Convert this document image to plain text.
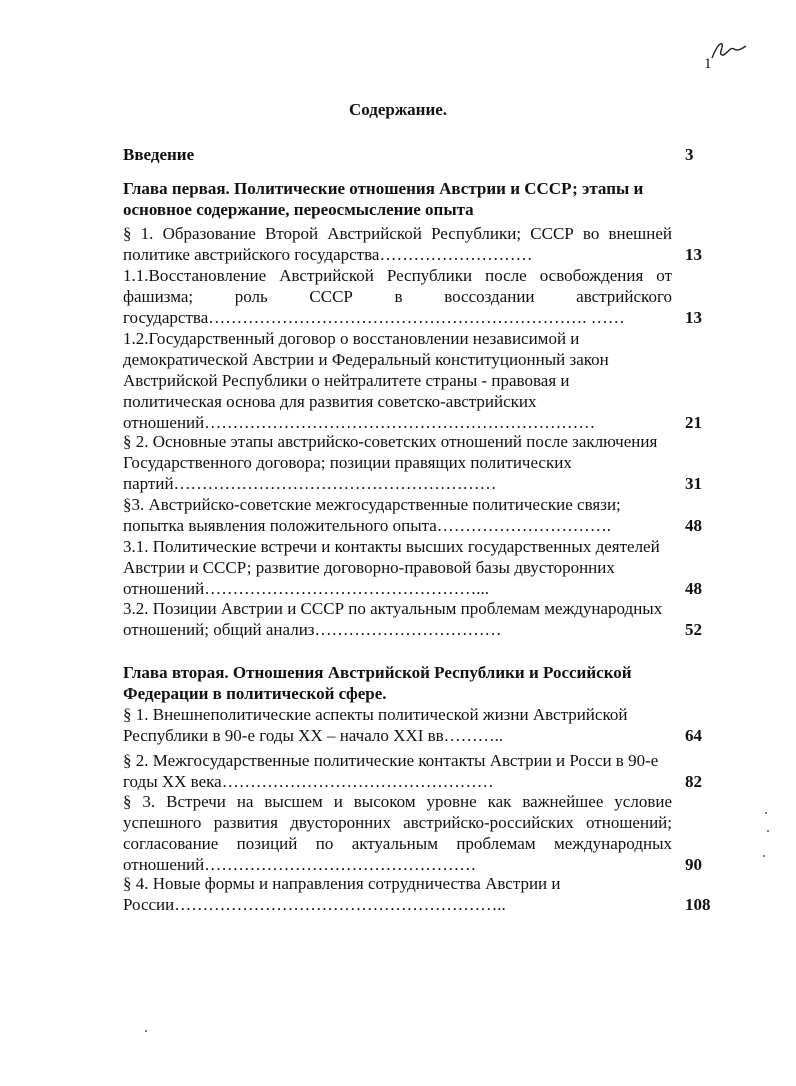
1
Содержание.
Введение	3
Глава первая. Политические отношения Австрии и СССР; этапы и основное содержание, переосмысление опыта
§ 1. Образование Второй Австрийской Республики; СССР во внешней политике австрийского государства………………………	13
1.1.Восстановление Австрийской Республики после освобождения от фашизма; роль СССР в воссоздании австрийского государства…………………………………………………………. ……	13
1.2.Государственный договор о восстановлении независимой и демократической Австрии и Федеральный конституционный закон Австрийской Республики о нейтралитете страны - правовая и политическая основа для развития советско-австрийских отношений……………………………………………………………	21
§ 2. Основные этапы австрийско-советских отношений после заключения Государственного договора; позиции правящих политических партий…………………………………………………	31
§3. Австрийско-советские межгосударственные политические связи; попытка выявления положительного опыта………………………….	48
3.1. Политические встречи и контакты высших государственных деятелей Австрии и СССР; развитие договорно-правовой базы двусторонних отношений…………………………………………...	48
3.2. Позиции Австрии и СССР по актуальным проблемам международных отношений; общий анализ……………………………	52
Глава вторая. Отношения Австрийской Республики и Российской Федерации в политической сфере.
§ 1. Внешнеполитические аспекты политической жизни Австрийской Республики в 90-е годы XX – начало XXI вв………..	64
§ 2. Межгосударственные политические контакты Австрии и Росси в 90-е годы XX века…………………………………………	82
§ 3. Встречи на высшем и высоком уровне как важнейшее условие успешного развития двусторонних австрийско-российских отношений; согласование позиций по актуальным проблемам международных отношений…………………………………………	90
§ 4. Новые формы и направления сотрудничества Австрии и России…………………………………………………..	108
